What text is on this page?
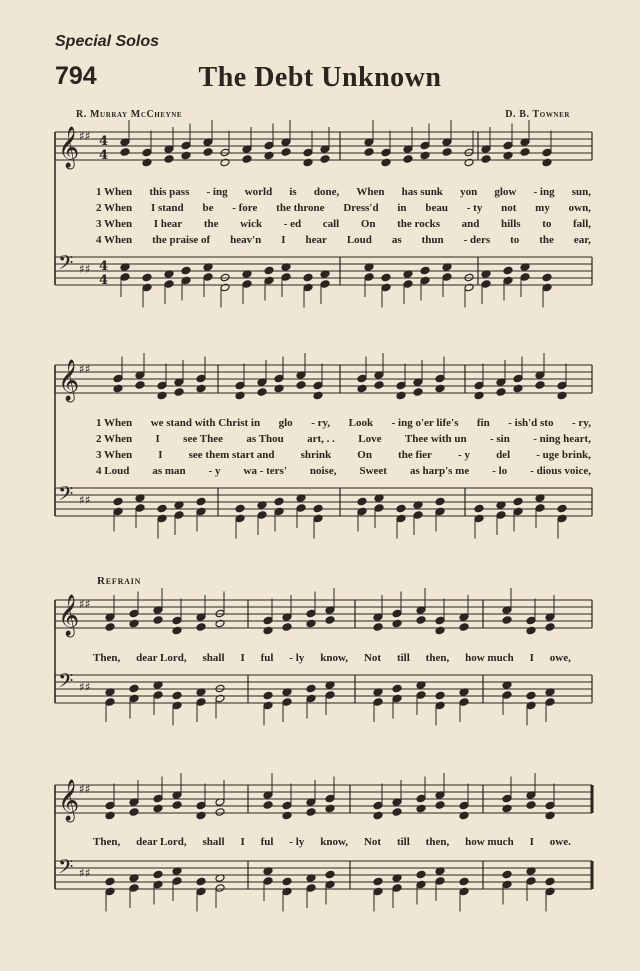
Special Solos
794	The Debt Unknown
R. Murray McCheyne	D. B. Towner
Refrain
𝄞 ♯♯ 4
4
𝄢 ♯♯ 4
4
𝄞 ♯♯
𝄢 ♯♯
𝄞 ♯♯
𝄢 ♯♯
𝄞 ♯♯
𝄢 ♯♯
1 When this pass - ing world is done, When has sunk yon glow - ing sun,
2 When I stand be - fore the throne Dress'd in beau - ty not my own,
3 When I hear the wick - ed call On the rocks and hills to fall,
4 When the praise of heav'n I hear Loud as thun - ders to the ear,
1 When we stand with Christ in glo - ry, Look - ing o'er life's fin - ish'd sto - ry,
2 When I see Thee as Thou art, . . Love Thee with un - sin - ning heart,
3 When I see them start and shrink On the fier - y del - uge brink,
4 Loud as man - y wa - ters' noise, Sweet as harp's me - lo - dious voice,
Then, dear Lord, shall I ful - ly know, Not till then, how much I owe,
Then, dear Lord, shall I ful - ly know, Not till then, how much I owe.
